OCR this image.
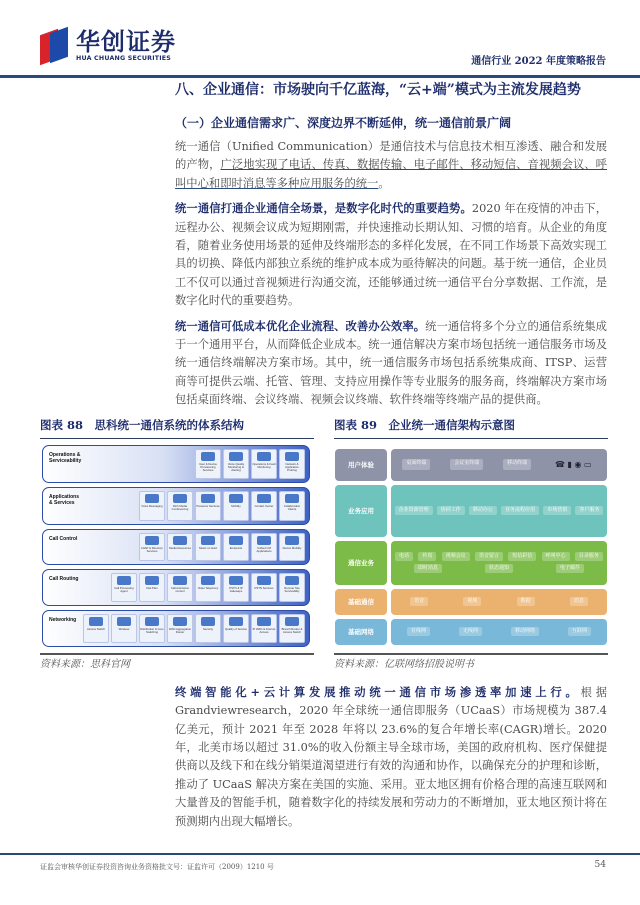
华创证券
HUA CHUANG SECURITIES	通信行业 2022 年度策略报告
八、企业通信：市场驶向千亿蓝海，“云+端”模式为主流发展趋势
（一）企业通信需求广、深度边界不断延伸，统一通信前景广阔
统一通信（Unified Communication）是通信技术与信息技术相互渗透、融合和发展的产物，广泛地实现了电话、传真、数据传输、电子邮件、移动短信、音视频会议、呼叫中心和即时消息等多种应用服务的统一。
统一通信打通企业通信全场景，是数字化时代的重要趋势。2020 年在疫情的冲击下，远程办公、视频会议成为短期刚需，并快速推动长期认知、习惯的培育。从企业的角度看，随着业务使用场景的延伸及终端形态的多样化发展，在不同工作场景下高效实现工具的切换、降低内部独立系统的维护成本成为亟待解决的问题。基于统一通信，企业员工不仅可以通过音视频进行沟通交流，还能够通过统一通信平台分享数据、工作流，是数字化时代的重要趋势。
统一通信可低成本优化企业流程、改善办公效率。统一通信将多个分立的通信系统集成于一个通用平台，从而降低企业成本。统一通信解决方案市场包括统一通信服务市场及统一通信终端解决方案市场。其中，统一通信服务市场包括系统集成商、ITSP、运营商等可提供云端、托管、管理、支持应用操作等专业服务的服务商，终端解决方案市场包括桌面终端、会议终端、视频会议终端、软件终端等终端产品的提供商。
图表 88　思科统一通信系统的体系结构
Operations & Serviceability	User & Device Provisioning Services
Voice Quality Monitoring & Alerting
Operations & Fault Monitoring
Network & Application Probing
Applications & Services	Voice Messaging	Rich Media Conferencing
Presence Services	Mobility	Contact Center	Collaboration Clients
Call Control
LDAP & Directory Services
Media Resources	Music on Hold	Endpoints	Unified CM Applications
Device Mobility
Call Routing
Call Processing Agent
Dial Plan	Call Admission Control
Video Telephony	PSTN & IP Gateways
PSTN Services	Remote Site Survivability
Networking
Access Switch	Wireless	Distribution & Core Switching
WAN Aggregation Router
Security	Quality of Service IP WAN & Internet Access
Branch Router & Access Switch
资料来源：思科官网
图表 89　企业统一通信架构示意图
用户体验	桌面终端	会议室终端	移动终端	☎ ▮ ◉ ▭
业务应用	企业资源管理	协同工作	移动办公	业务流程应用	市场营销	客户服务
通信业务
电话	传真	视频会议	语音留言	短信彩信	呼叫中心	目录服务
即时消息	状态通知	电子邮件
基础通信	语音	视频	数据	消息
基础网络	有线网	无线网	移动网络	互联网
资料来源：亿联网络招股说明书
终端智能化+云计算发展推动统一通信市场渗透率加速上行。根据 Grandviewresearch，2020 年全球统一通信即服务（UCaaS）市场规模为 387.4 亿美元，预计 2021 年至 2028 年将以 23.6%的复合年增长率(CAGR)增长。2020 年，北美市场以超过 31.0%的收入份额主导全球市场，美国的政府机构、医疗保健提供商以及线下和在线分销渠道渴望进行有效的沟通和协作，以确保充分的护理和诊断，推动了 UCaaS 解决方案在美国的实施、采用。亚太地区拥有价格合理的高速互联网和大量普及的智能手机，随着数字化的持续发展和劳动力的不断增加，亚太地区预计将在预测期内出现大幅增长。
证监会审核华创证券投资咨询业务资格批文号：证监许可（2009）1210 号	54
